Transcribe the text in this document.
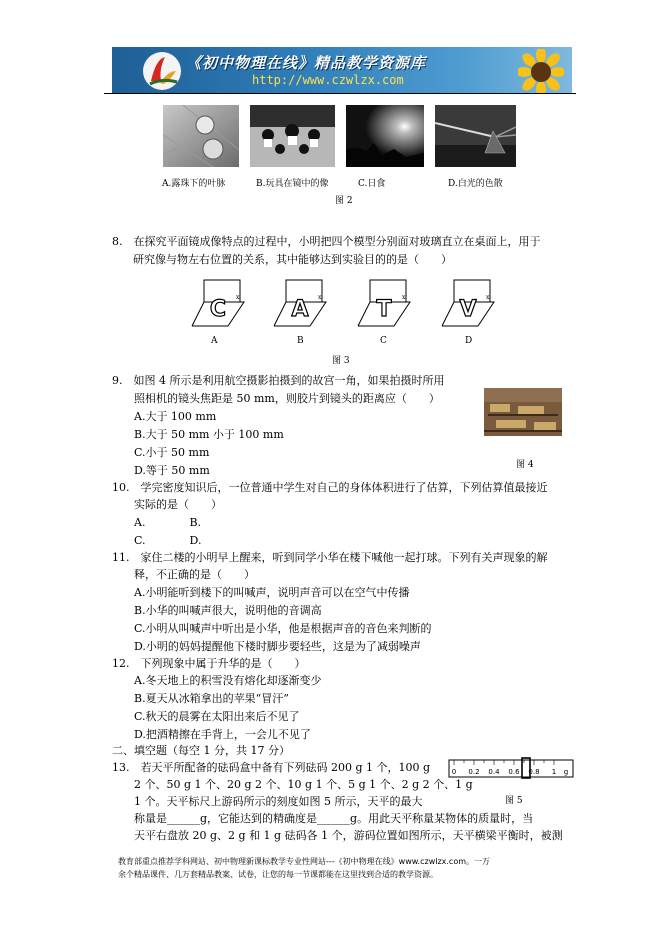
《初中物理在线》精品教学资源库
http://www.czwlzx.com
A.露珠下的叶脉	B.玩具在镜中的像	C.日食	D.白光的色散
图 2
8.　在探究平面镜成像特点的过程中，小明把四个模型分别面对玻璃直立在桌面上，用于
研究像与物左右位置的关系，其中能够达到实验目的的是（　　）
C x A x	T x V x
A	B	C	D
图 3
9.　如图 4 所示是利用航空摄影拍摄到的故宫一角，如果拍摄时所用
照相机的镜头焦距是 50 mm，则胶片到镜头的距离应（　　）
A.大于 100 mm
B.大于 50 mm 小于 100 mm
C.小于 50 mm
D.等于 50 mm	图 4
10.　学完密度知识后，一位普通中学生对自己的身体体积进行了估算，下列估算值最接近
实际的是（　　）
A.　　　　B.
C.　　　　D.
11.　家住二楼的小明早上醒来，听到同学小华在楼下喊他一起打球。下列有关声现象的解
释，不正确的是（　　）
A.小明能听到楼下的叫喊声，说明声音可以在空气中传播
B.小华的叫喊声很大，说明他的音调高
C.小明从叫喊声中听出是小华，他是根据声音的音色来判断的
D.小明的妈妈提醒他下楼时脚步要轻些，这是为了减弱噪声
12.　下列现象中属于升华的是（　　）
A.冬天地上的积雪没有熔化却逐渐变少
B.夏天从冰箱拿出的苹果“冒汗”
C.秋天的晨雾在太阳出来后不见了
D.把酒精擦在手背上，一会儿不见了
二、填空题（每空 1 分，共 17 分）
13.　若天平所配备的砝码盒中备有下列砝码 200 g 1 个，100 g
2 个、50 g 1 个、20 g 2 个、10 g 1 个、5 g 1 个、2 g 2 个、1 g
1 个。天平标尺上游码所示的刻度如图 5 所示，天平的最大
称量是______g，它能达到的精确度是______g。用此天平称量某物体的质量时，当
天平右盘放 20 g、2 g 和 1 g 砝码各 1 个，游码位置如图所示，天平横梁平衡时，被测
0 0.2 0.4 0.6 0.8 1 g
图 5
教育部重点推荐学科网站、初中物理新课标教学专业性网站---《初中物理在线》www.czwlzx.com。一万
余个精品课件、几万套精品教案、试卷，让您的每一节课都能在这里找到合适的教学资源。
